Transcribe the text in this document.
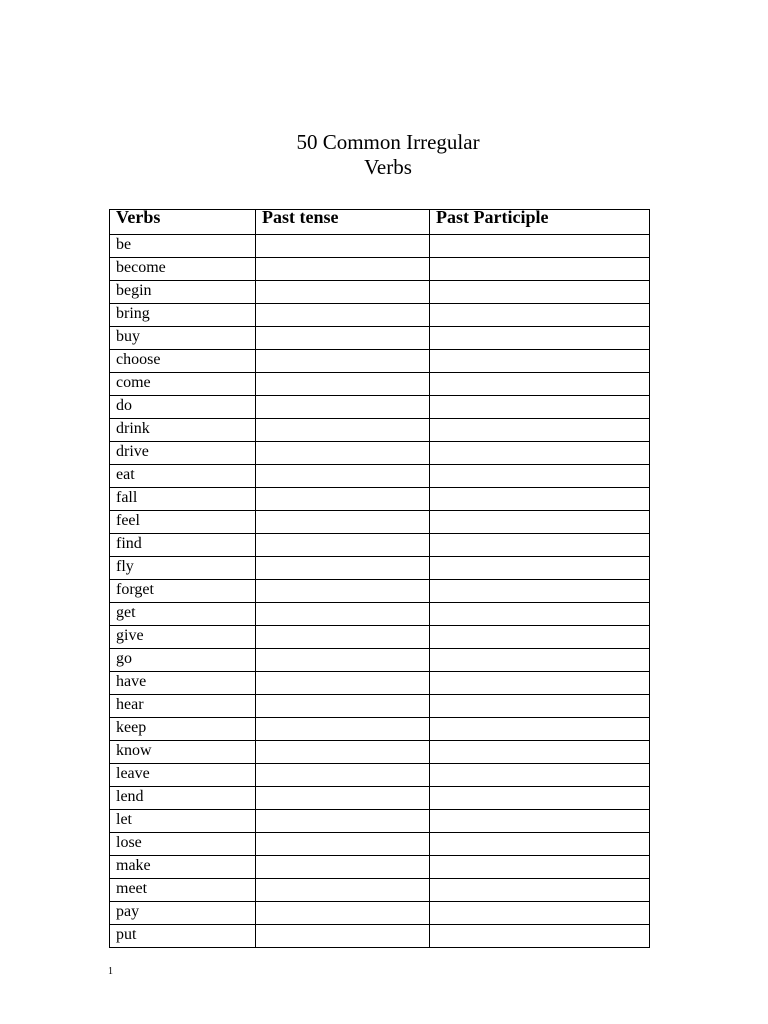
50 Common Irregular
Verbs
Verbs	Past tense	Past Participle
be		
become		
begin		
bring		
buy		
choose		
come		
do		
drink		
drive		
eat		
fall		
feel		
find		
fly		
forget		
get		
give		
go		
have		
hear		
keep		
know		
leave		
lend		
let		
lose		
make		
meet		
pay		
put		
1
